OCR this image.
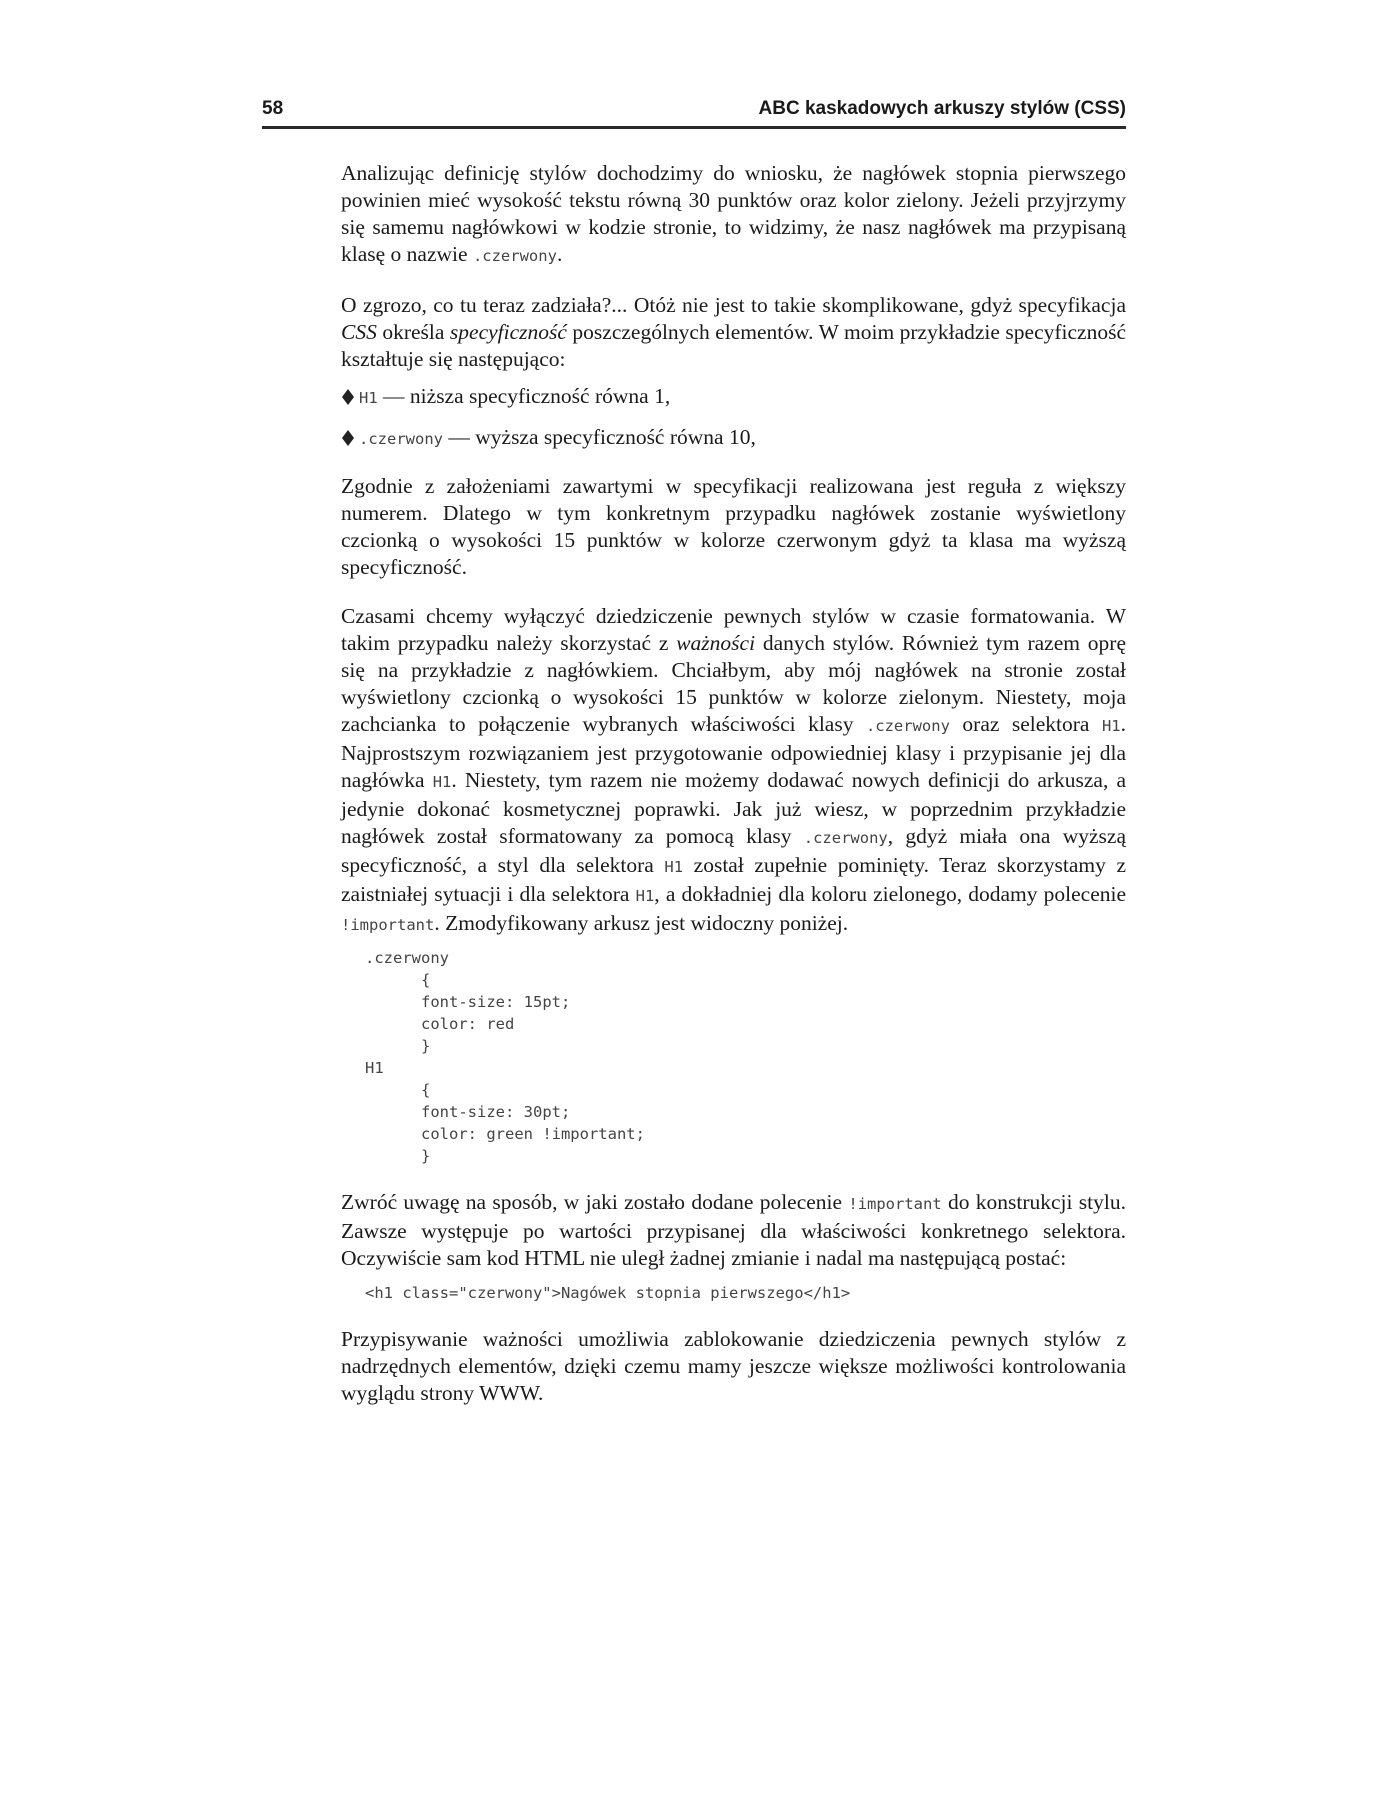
58	ABC kaskadowych arkuszy stylów (CSS)

Analizując definicję stylów dochodzimy do wniosku, że nagłówek stopnia pierwszego powinien mieć wysokość tekstu równą 30 punktów oraz kolor zielony. Jeżeli przyjrzymy się samemu nagłówkowi w kodzie stronie, to widzimy, że nasz nagłówek ma przypisaną klasę o nazwie .czerwony.

O zgrozo, co tu teraz zadziała?... Otóż nie jest to takie skomplikowane, gdyż specyfikacja CSS określa specyficzność poszczególnych elementów. W moim przykładzie specyficzność kształtuje się następująco:

H1 — niższa specyficzność równa 1,
.czerwony –– wyższa specyficzność równa 10,

Zgodnie z założeniami zawartymi w specyfikacji realizowana jest reguła z większy numerem. Dlatego w tym konkretnym przypadku nagłówek zostanie wyświetlony czcionką o wysokości 15 punktów w kolorze czerwonym gdyż ta klasa ma wyższą specyficzność.

Czasami chcemy wyłączyć dziedziczenie pewnych stylów w czasie formatowania. W takim przypadku należy skorzystać z ważności danych stylów. Również tym razem oprę się na przykładzie z nagłówkiem. Chciałbym, aby mój nagłówek na stronie został wyświetlony czcionką o wysokości 15 punktów w kolorze zielonym. Niestety, moja zachcianka to połączenie wybranych właściwości klasy .czerwony oraz selektora H1. Najprostszym rozwiązaniem jest przygotowanie odpowiedniej klasy i przypisanie jej dla nagłówka H1. Niestety, tym razem nie możemy dodawać nowych definicji do arkusza, a jedynie dokonać kosmetycznej poprawki. Jak już wiesz, w poprzednim przykładzie nagłówek został sformatowany za pomocą klasy .czerwony, gdyż miała ona wyższą specyficzność, a styl dla selektora H1 został zupełnie pominięty. Teraz skorzystamy z zaistniałej sytuacji i dla selektora H1, a dokładniej dla koloru zielonego, dodamy polecenie !important. Zmodyfikowany arkusz jest widoczny poniżej.

.czerwony
{
font-size: 15pt;
color: red
}
H1
{
font-size: 30pt;
color: green !important;
}

Zwróć uwagę na sposób, w jaki zostało dodane polecenie !important do konstrukcji stylu. Zawsze występuje po wartości przypisanej dla właściwości konkretnego selektora. Oczywiście sam kod HTML nie uległ żadnej zmianie i nadal ma następującą postać:

<h1 class="czerwony">Nagówek stopnia pierwszego</h1>

Przypisywanie ważności umożliwia zablokowanie dziedziczenia pewnych stylów z nadrzędnych elementów, dzięki czemu mamy jeszcze większe możliwości kontrolowania wyglądu strony WWW.
